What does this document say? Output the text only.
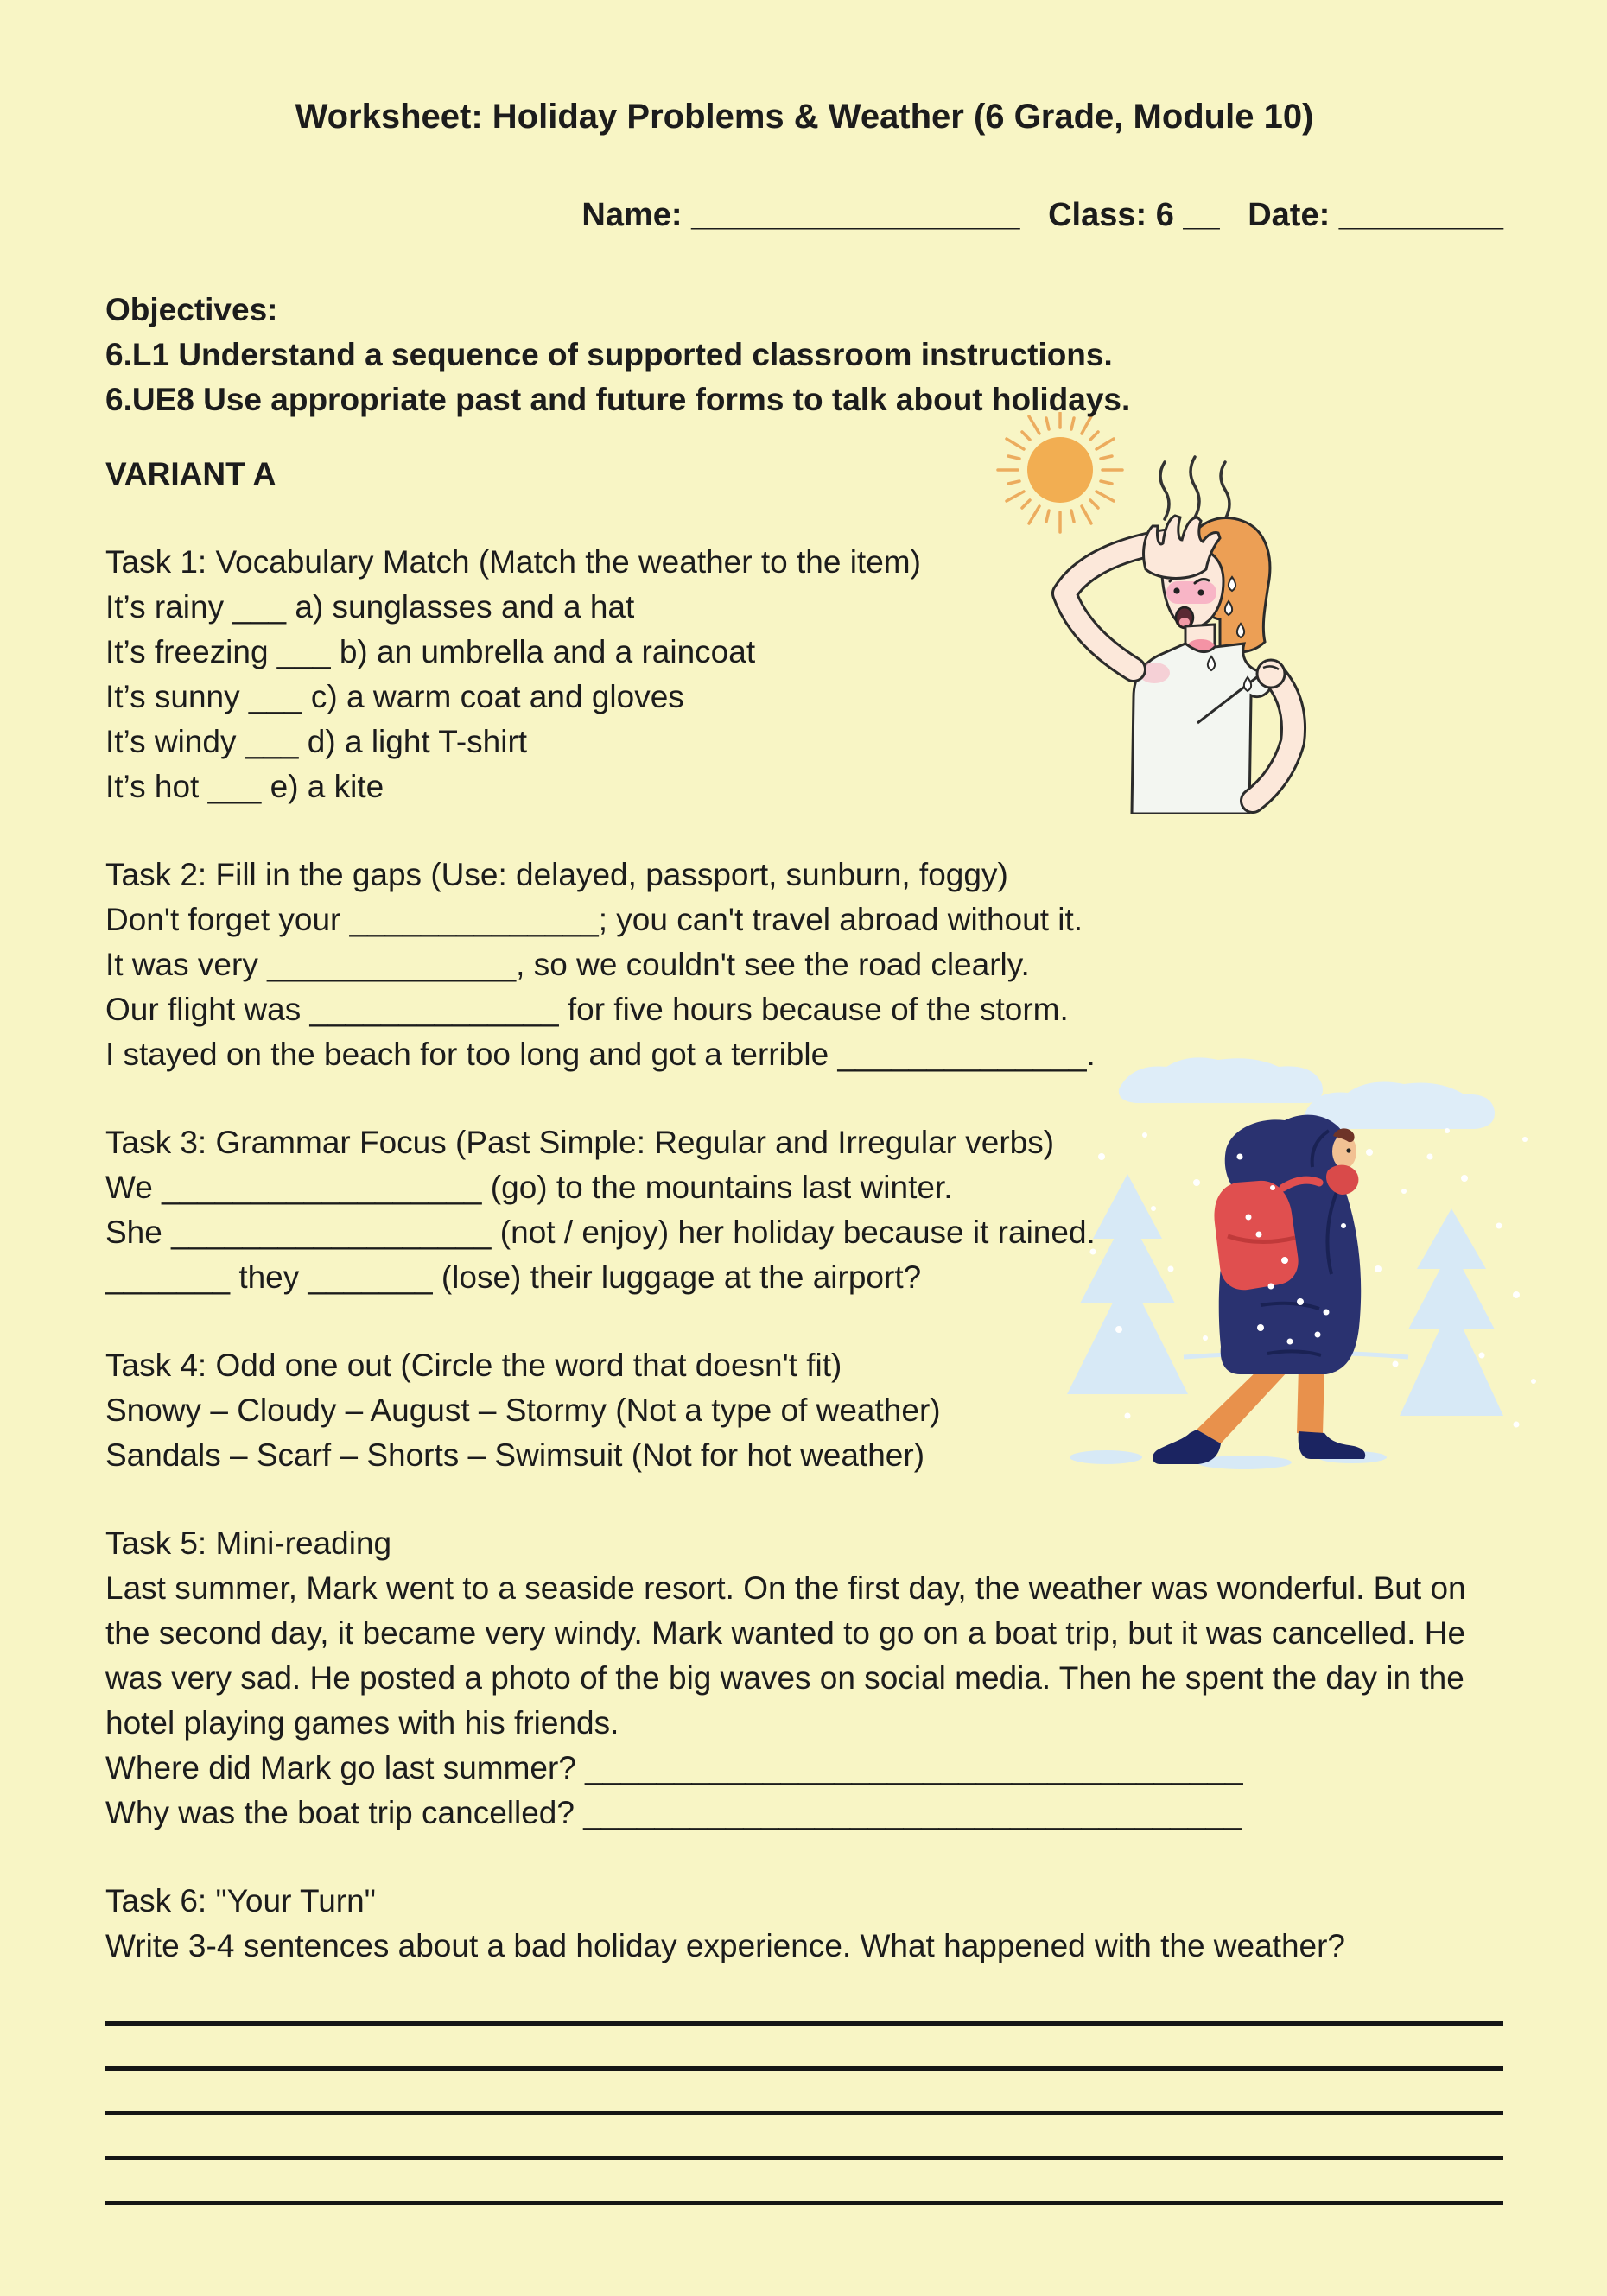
Worksheet: Holiday Problems & Weather (6 Grade, Module 10)
Name: __________________ Class: 6 __ Date: _________

Objectives:

6.L1 Understand a sequence of supported classroom instructions.

6.UE8 Use appropriate past and future forms to talk about holidays.

VARIANT A

Task 1: Vocabulary Match (Match the weather to the item)

It’s rainy ___ a) sunglasses and a hat

It’s freezing ___ b) an umbrella and a raincoat

It’s sunny ___ c) a warm coat and gloves

It’s windy ___ d) a light T-shirt

It’s hot ___ e) a kite

Task 2: Fill in the gaps (Use: delayed, passport, sunburn, foggy)

Don't forget your ______________; you can't travel abroad without it.

It was very ______________, so we couldn't see the road clearly.

Our flight was ______________ for five hours because of the storm.

I stayed on the beach for too long and got a terrible ______________.

Task 3: Grammar Focus (Past Simple: Regular and Irregular verbs)

We __________________ (go) to the mountains last winter.

She __________________ (not / enjoy) her holiday because it rained.

_______ they _______ (lose) their luggage at the airport?

Task 4: Odd one out (Circle the word that doesn't fit)

Snowy – Cloudy – August – Stormy (Not a type of weather)

Sandals – Scarf – Shorts – Swimsuit (Not for hot weather)

Task 5: Mini-reading

Last summer, Mark went to a seaside resort. On the first day, the weather was wonderful. But on the second day, it became very windy. Mark wanted to go on a boat trip, but it was cancelled. He was very sad. He posted a photo of the big waves on social media. Then he spent the day in the hotel playing games with his friends.

Where did Mark go last summer? _____________________________________

Why was the boat trip cancelled? _____________________________________

Task 6: "Your Turn"

Write 3-4 sentences about a bad holiday experience. What happened with the weather?
